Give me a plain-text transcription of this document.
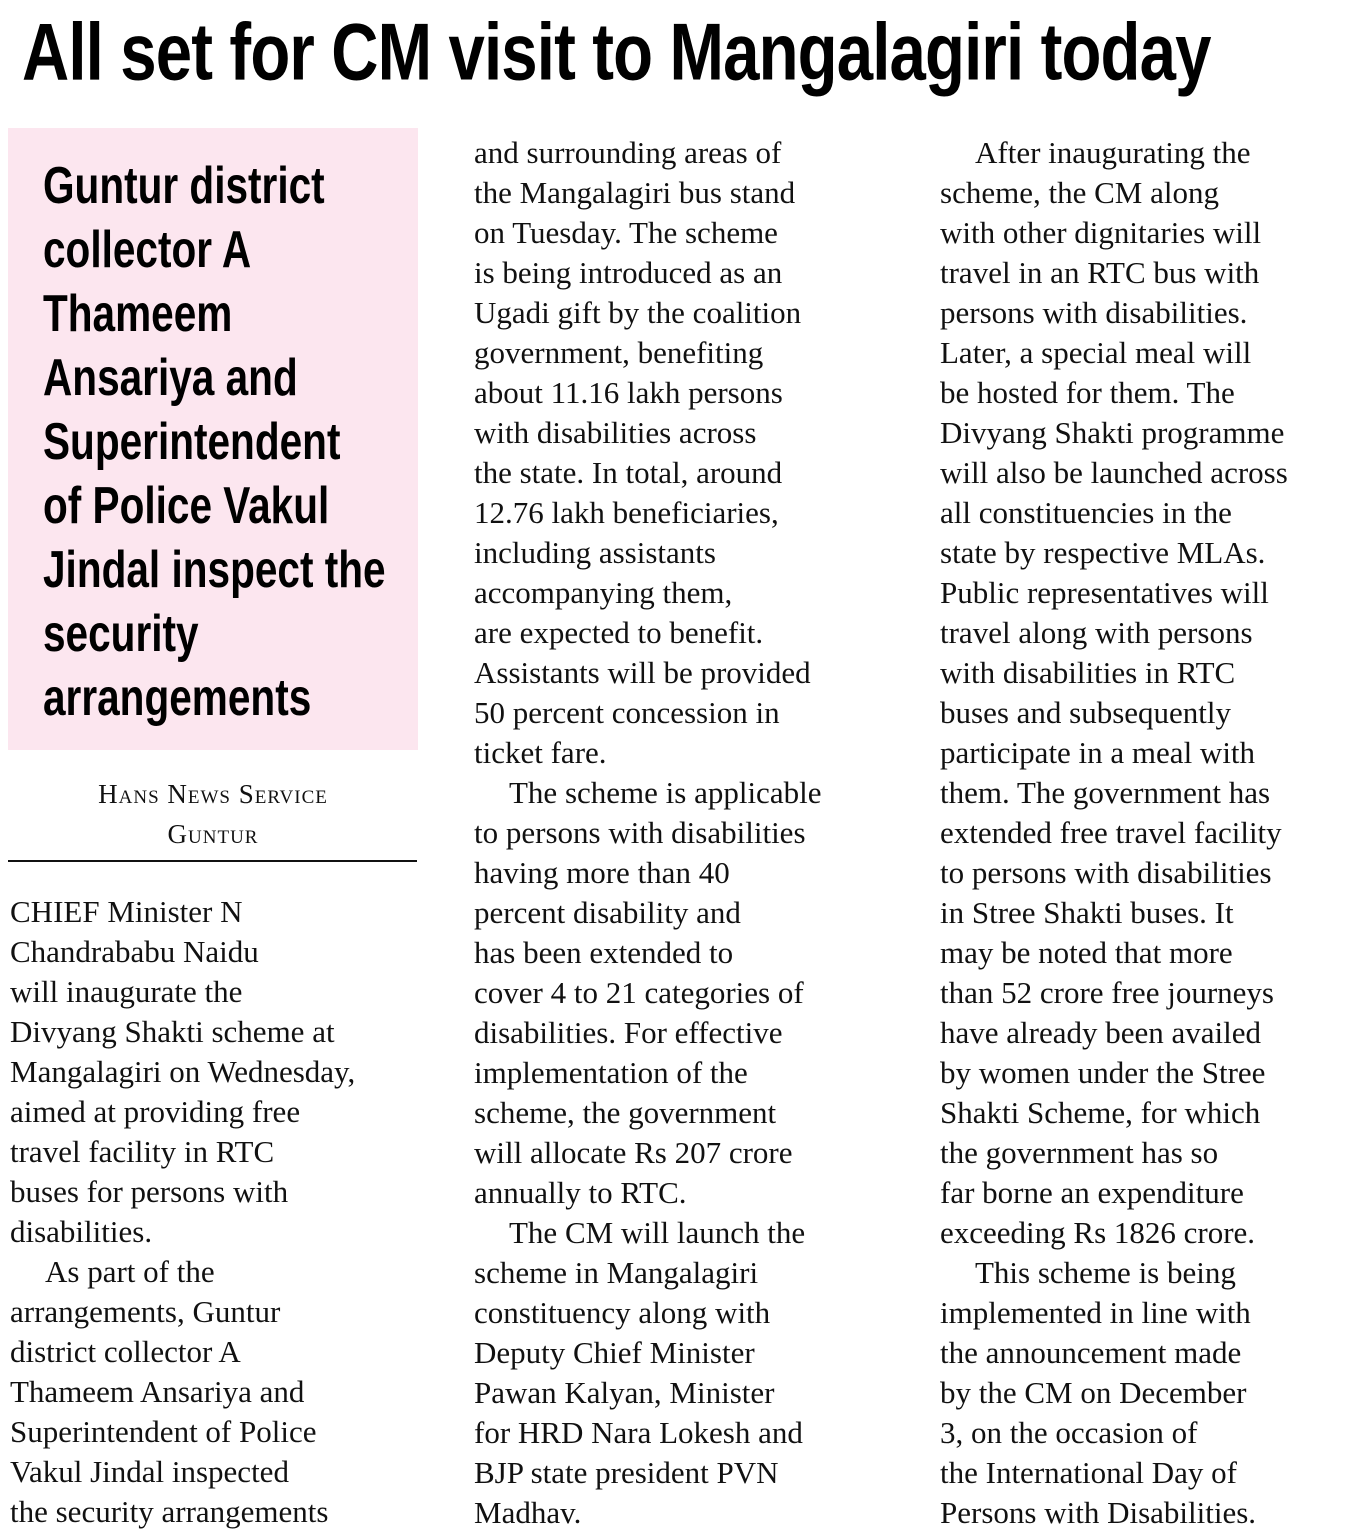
All set for CM visit to Mangalagiri today

Guntur district collector A Thameem Ansariya and Superintendent of Police Vakul Jindal inspect the security arrangements

Hans News Service
Guntur
CHIEF Minister N
Chandrababu Naidu
will inaugurate the
Divyang Shakti scheme at
Mangalagiri on Wednesday,
aimed at providing free
travel facility in RTC
buses for persons with
disabilities.
As part of the
arrangements, Guntur
district collector A
Thameem Ansariya and
Superintendent of Police
Vakul Jindal inspected
the security arrangements
and surrounding areas of
the Mangalagiri bus stand
on Tuesday. The scheme
is being introduced as an
Ugadi gift by the coalition
government, benefiting
about 11.16 lakh persons
with disabilities across
the state. In total, around
12.76 lakh beneficiaries,
including assistants
accompanying them,
are expected to benefit.
Assistants will be provided
50 percent concession in
ticket fare.
The scheme is applicable
to persons with disabilities
having more than 40
percent disability and
has been extended to
cover 4 to 21 categories of
disabilities. For effective
implementation of the
scheme, the government
will allocate Rs 207 crore
annually to RTC.
The CM will launch the
scheme in Mangalagiri
constituency along with
Deputy Chief Minister
Pawan Kalyan, Minister
for HRD Nara Lokesh and
BJP state president PVN
Madhav.
After inaugurating the
scheme, the CM along
with other dignitaries will
travel in an RTC bus with
persons with disabilities.
Later, a special meal will
be hosted for them. The
Divyang Shakti programme
will also be launched across
all constituencies in the
state by respective MLAs.
Public representatives will
travel along with persons
with disabilities in RTC
buses and subsequently
participate in a meal with
them. The government has
extended free travel facility
to persons with disabilities
in Stree Shakti buses. It
may be noted that more
than 52 crore free journeys
have already been availed
by women under the Stree
Shakti Scheme, for which
the government has so
far borne an expenditure
exceeding Rs 1826 crore.
This scheme is being
implemented in line with
the announcement made
by the CM on December
3, on the occasion of
the International Day of
Persons with Disabilities.
